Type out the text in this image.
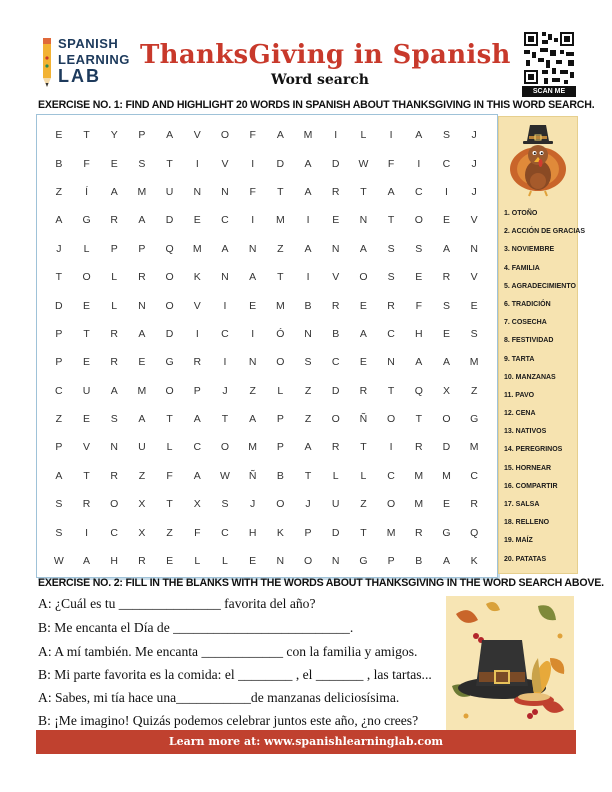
SPANISH
LEARNING
LAB
ThanksGiving in Spanish
Word search
SCAN ME
EXERCISE NO. 1: FIND AND HIGHLIGHT 20 WORDS IN SPANISH ABOUT THANKSGIVING IN THIS WORD SEARCH.
E	T	Y	P	A	V	O	F	A	M	I	L	I	A	S	J
B	F	E	S	T	I	V	I	D	A	D	W	F	I	C	J
Z	Í	A	M	U	N	N	F	T	A	R	T	A	C	I	J
A	G	R	A	D	E	C	I	M	I	E	N	T	O	E	V
J	L	P	P	Q	M	A	N	Z	A	N	A	S	S	A	N
T	O	L	R	O	K	N	A	T	I	V	O	S	E	R	V
D	E	L	N	O	V	I	E	M	B	R	E	R	F	S	E
P	T	R	A	D	I	C	I	Ó	N	B	A	C	H	E	S
P	E	R	E	G	R	I	N	O	S	C	E	N	A	A	M
C	U	A	M	O	P	J	Z	L	Z	D	R	T	Q	X	Z
Z	E	S	A	T	A	T	A	P	Z	O	Ñ	O	T	O	G
P	V	N	U	L	C	O	M	P	A	R	T	I	R	D	M
A	T	R	Z	F	A	W	Ñ	B	T	L	L	C	M	M	C
S	R	O	X	T	X	S	J	O	J	U	Z	O	M	E	R
S	I	C	X	Z	F	C	H	K	P	D	T	M	R	G	Q
W	A	H	R	E	L	L	E	N	O	N	G	P	B	A	K
1. OTOÑO
2. ACCIÓN DE GRACIAS
3. NOVIEMBRE
4. FAMILIA
5. AGRADECIMIENTO
6. TRADICIÓN
7. COSECHA
8. FESTIVIDAD
9. TARTA
10. MANZANAS
11. PAVO
12. CENA
13. NATIVOS
14. PEREGRINOS
15. HORNEAR
16. COMPARTIR
17. SALSA
18. RELLENO
19. MAÍZ
20. PATATAS
EXERCISE NO. 2: FILL IN THE BLANKS WITH THE WORDS ABOUT THANKSGIVING IN THE WORD SEARCH ABOVE.
A: ¿Cuál es tu _______________ favorita del año?
B: Me encanta el Día de __________________________.
A: A mí también. Me encanta ____________ con la familia y amigos.
B: Mi parte favorita es la comida: el ________ , el _______ , las tartas...
A: Sabes, mi tía hace una___________de manzanas deliciosísima.
B: ¡Me imagino! Quizás podemos celebrar juntos este año, ¿no crees?
Learn more at: www.spanishlearninglab.com
